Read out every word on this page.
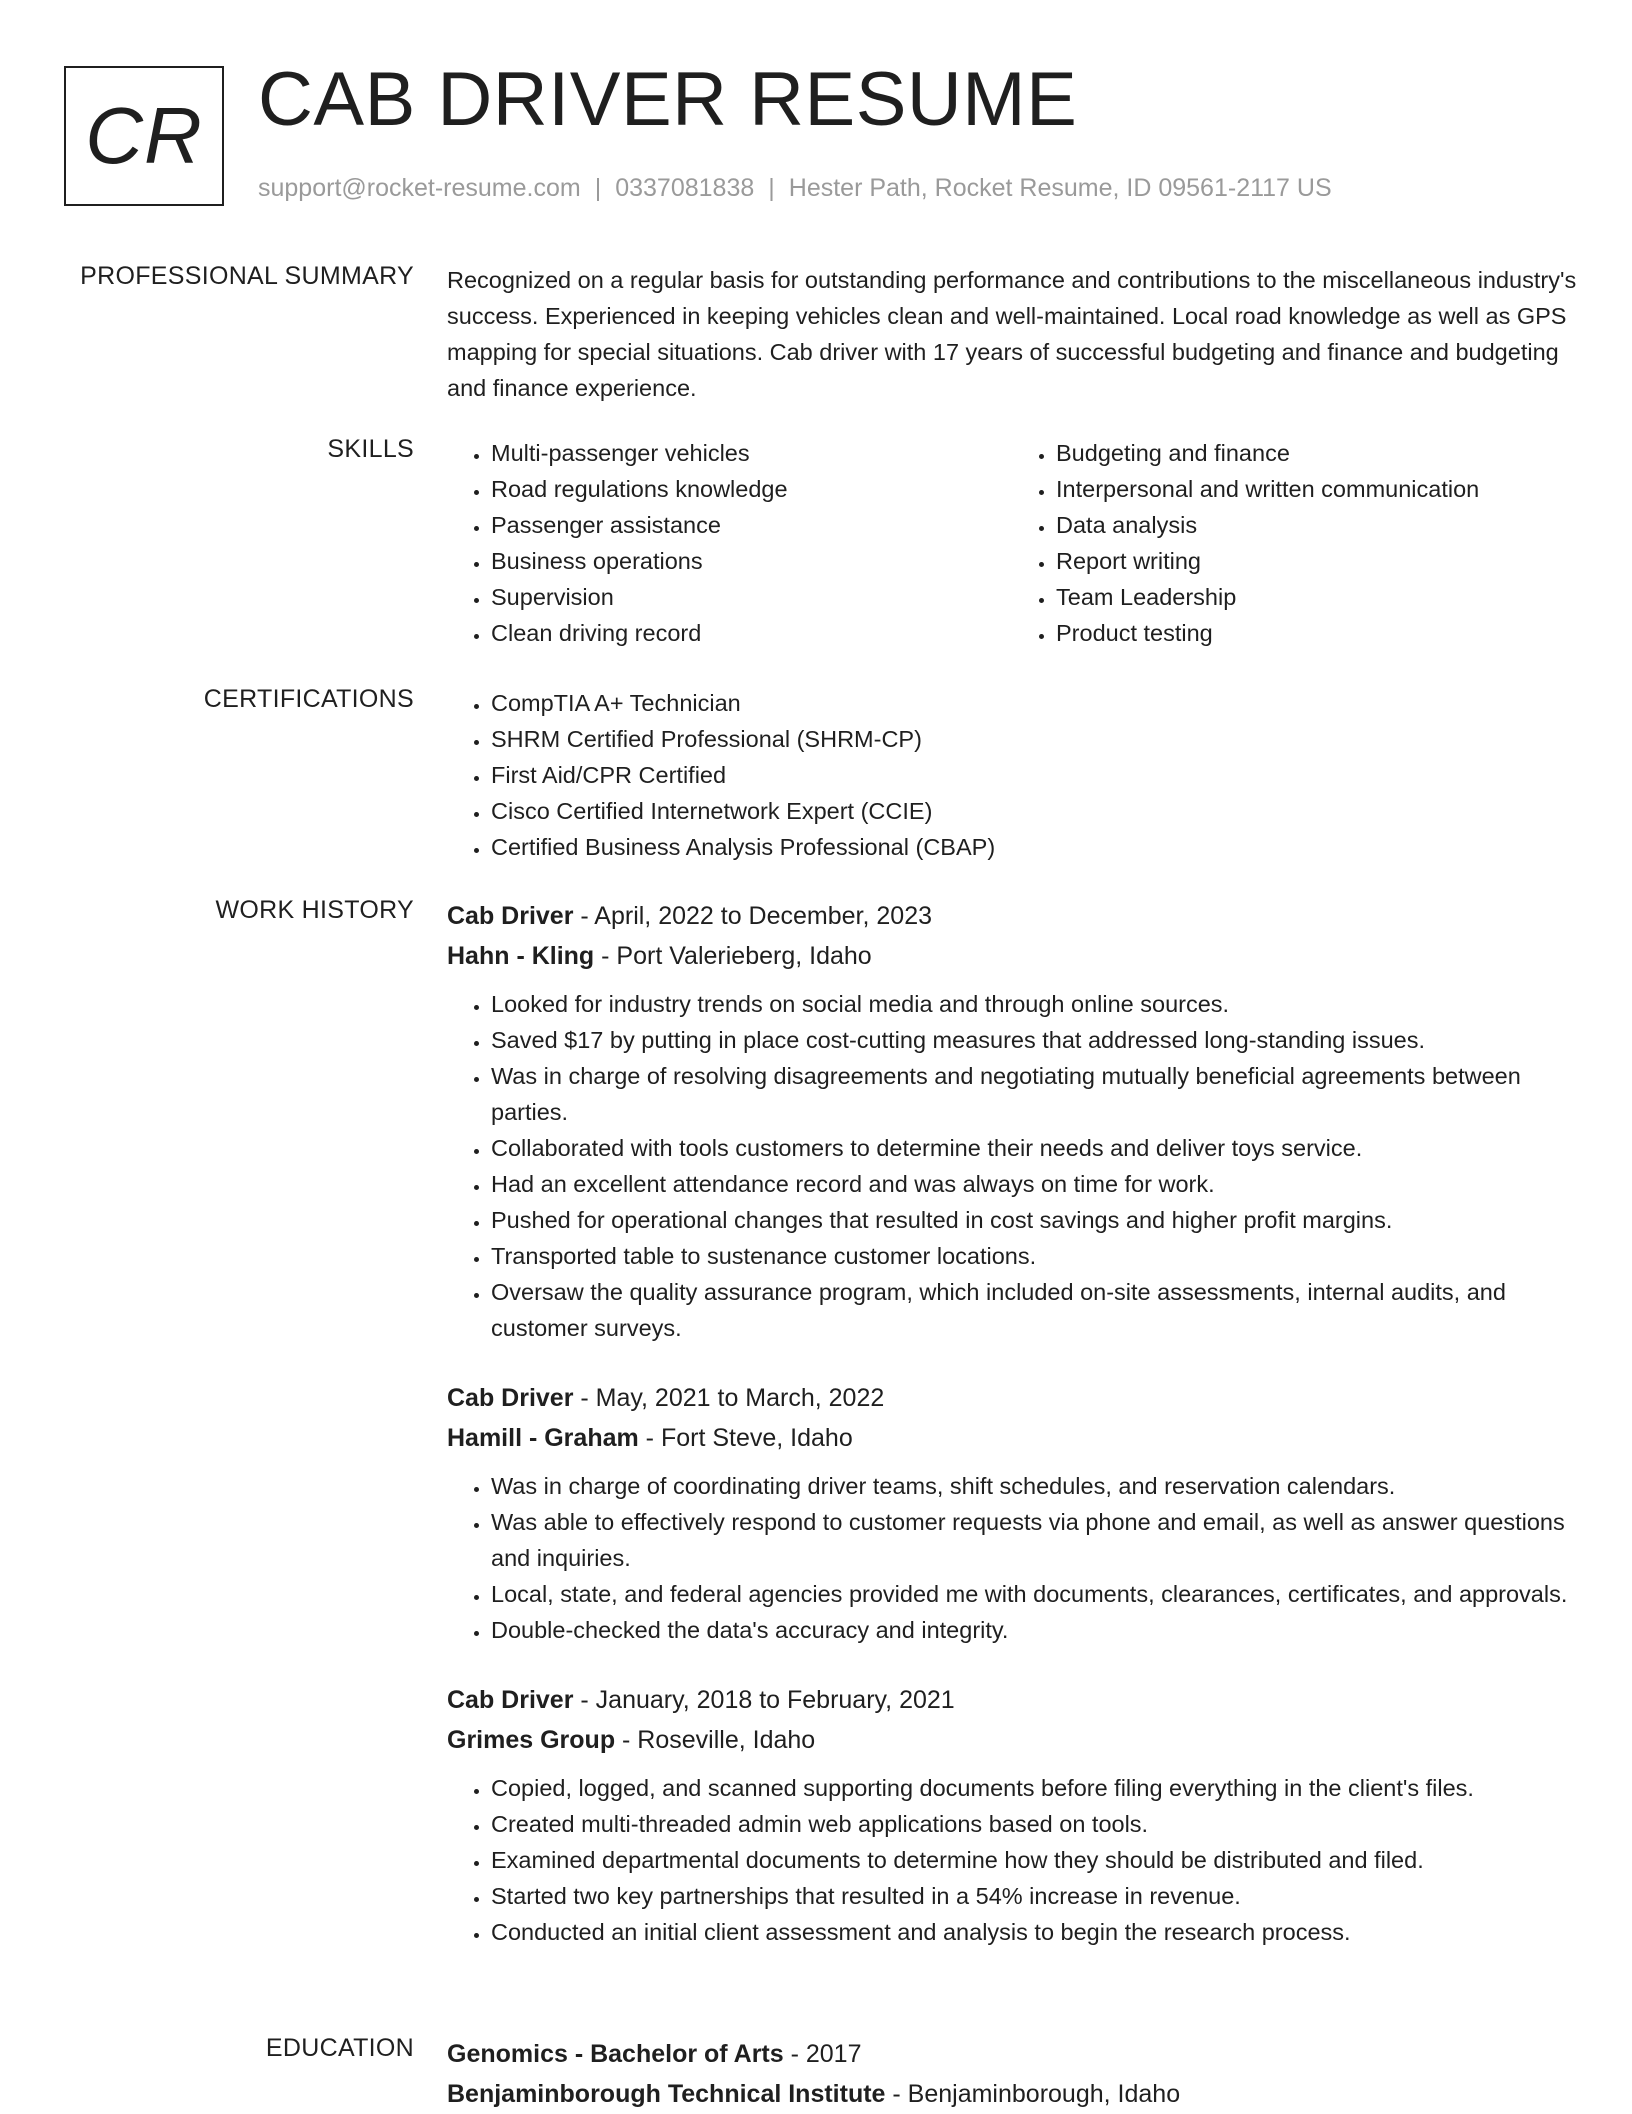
CR CAB DRIVER RESUME
support@rocket-resume.com | 0337081838 | Hester Path, Rocket Resume, ID 09561-2117 US
PROFESSIONAL SUMMARY Recognized on a regular basis for outstanding performance and contributions to the miscellaneous industry's success. Experienced in keeping vehicles clean and well-maintained. Local road knowledge as well as GPS mapping for special situations. Cab driver with 17 years of successful budgeting and finance and budgeting and finance experience.
SKILLS	• Multi-passenger vehicles
• Road regulations knowledge
• Passenger assistance
• Business operations
• Supervision
• Clean driving record
• Budgeting and finance
• Interpersonal and written communication
• Data analysis
• Report writing
• Team Leadership
• Product testing
CERTIFICATIONS	• CompTIA A+ Technician
• SHRM Certified Professional (SHRM-CP)
• First Aid/CPR Certified
• Cisco Certified Internetwork Expert (CCIE)
• Certified Business Analysis Professional (CBAP)
WORK HISTORY Cab Driver - April, 2022 to December, 2023
Hahn - Kling - Port Valerieberg, Idaho
• Looked for industry trends on social media and through online sources.
• Saved $17 by putting in place cost-cutting measures that addressed long-standing issues.
• Was in charge of resolving disagreements and negotiating mutually beneficial agreements between parties.
• Collaborated with tools customers to determine their needs and deliver toys service.
• Had an excellent attendance record and was always on time for work.
• Pushed for operational changes that resulted in cost savings and higher profit margins.
• Transported table to sustenance customer locations.
• Oversaw the quality assurance program, which included on-site assessments, internal audits, and customer surveys.
Cab Driver - May, 2021 to March, 2022
Hamill - Graham - Fort Steve, Idaho
• Was in charge of coordinating driver teams, shift schedules, and reservation calendars.
• Was able to effectively respond to customer requests via phone and email, as well as answer questions and inquiries.
• Local, state, and federal agencies provided me with documents, clearances, certificates, and approvals.
• Double-checked the data's accuracy and integrity.
Cab Driver - January, 2018 to February, 2021
Grimes Group - Roseville, Idaho
• Copied, logged, and scanned supporting documents before filing everything in the client's files.
• Created multi-threaded admin web applications based on tools.
• Examined departmental documents to determine how they should be distributed and filed.
• Started two key partnerships that resulted in a 54% increase in revenue.
• Conducted an initial client assessment and analysis to begin the research process.
EDUCATION Genomics - Bachelor of Arts - 2017
Benjaminborough Technical Institute - Benjaminborough, Idaho
